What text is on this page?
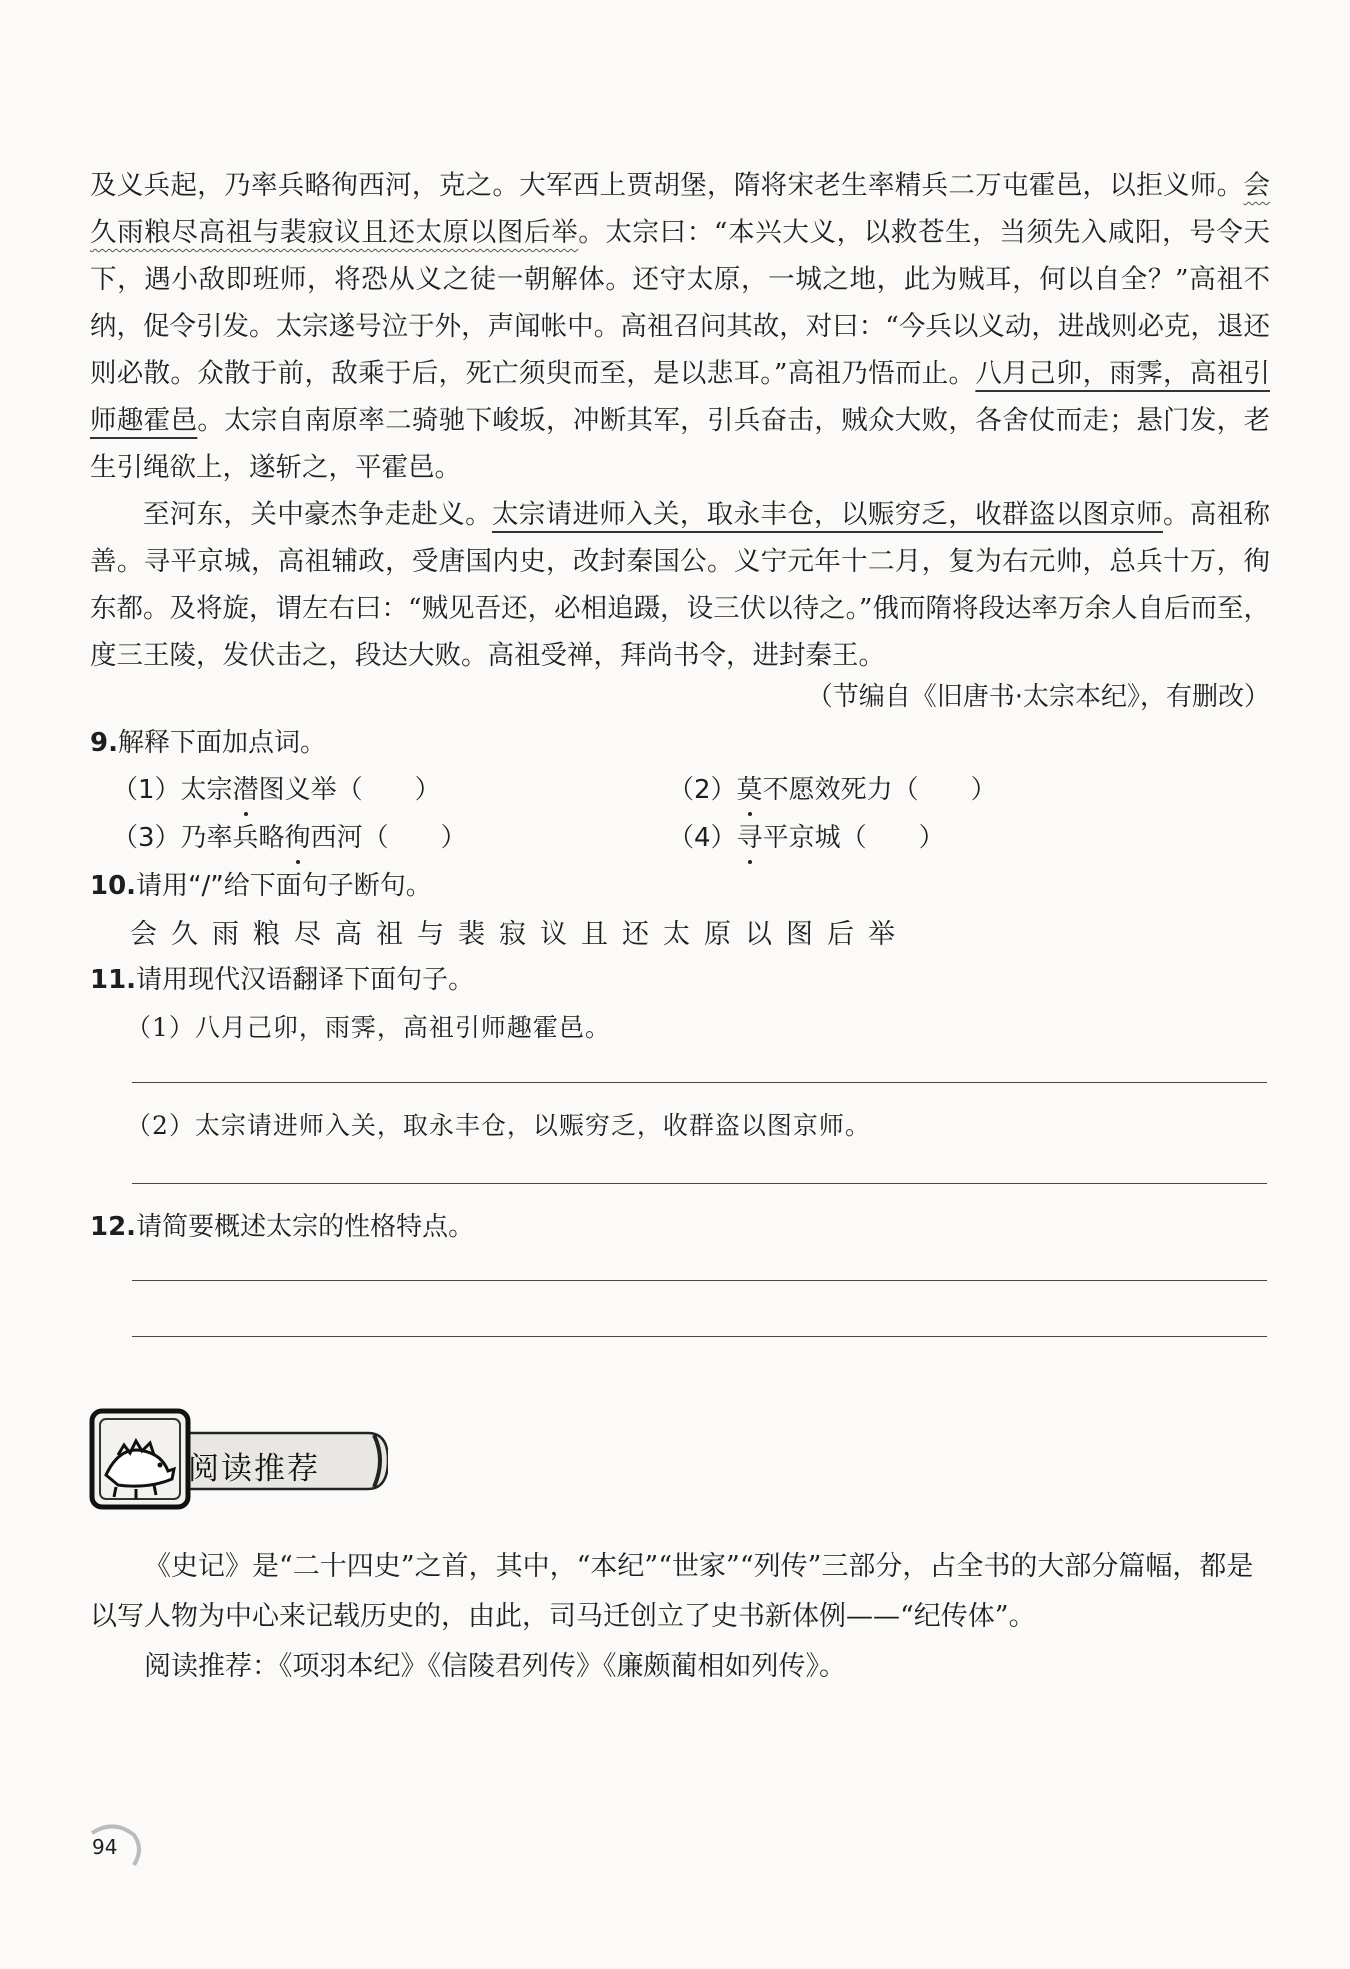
及义兵起，乃率兵略徇西河，克之。大军西上贾胡堡，隋将宋老生率精兵二万屯霍邑，以拒义师。会久雨粮尽高祖与裴寂议且还太原以图后举。太宗曰：“本兴大义，以救苍生，当须先入咸阳，号令天下，遇小敌即班师，将恐从义之徒一朝解体。还守太原，一城之地，此为贼耳，何以自全？”高祖不纳，促令引发。太宗遂号泣于外，声闻帐中。高祖召问其故，对曰：“今兵以义动，进战则必克，退还则必散。众散于前，敌乘于后，死亡须臾而至，是以悲耳。”高祖乃悟而止。八月己卯，雨霁，高祖引师趣霍邑。太宗自南原率二骑驰下峻坂，冲断其军，引兵奋击，贼众大败，各舍仗而走；悬门发，老生引绳欲上，遂斩之，平霍邑。

至河东，关中豪杰争走赴义。太宗请进师入关，取永丰仓，以赈穷乏，收群盗以图京师。高祖称善。寻平京城，高祖辅政，受唐国内史，改封秦国公。义宁元年十二月，复为右元帅，总兵十万，徇东都。及将旋，谓左右曰：“贼见吾还，必相追蹑，设三伏以待之。”俄而隋将段达率万余人自后而至，度三王陵，发伏击之，段达大败。高祖受禅，拜尚书令，进封秦王。

（节编自《旧唐书·太宗本纪》，有删改）
9.解释下面加点词。
（1）太宗潜图义举（　　）	（2）莫不愿效死力（　　）
（3）乃率兵略徇西河（　　）	（4）寻平京城（　　）
10.请用“/”给下面句子断句。
会久雨粮尽高祖与裴寂议且还太原以图后举
11.请用现代汉语翻译下面句子。
（1）八月己卯，雨霁，高祖引师趣霍邑。
（2）太宗请进师入关，取永丰仓，以赈穷乏，收群盗以图京师。
12.请简要概述太宗的性格特点。
阅读推荐

《史记》是“二十四史”之首，其中，“本纪”“世家”“列传”三部分，占全书的大部分篇幅，都是以写人物为中心来记载历史的，由此，司马迁创立了史书新体例——“纪传体”。

阅读推荐：《项羽本纪》《信陵君列传》《廉颇蔺相如列传》。

94
